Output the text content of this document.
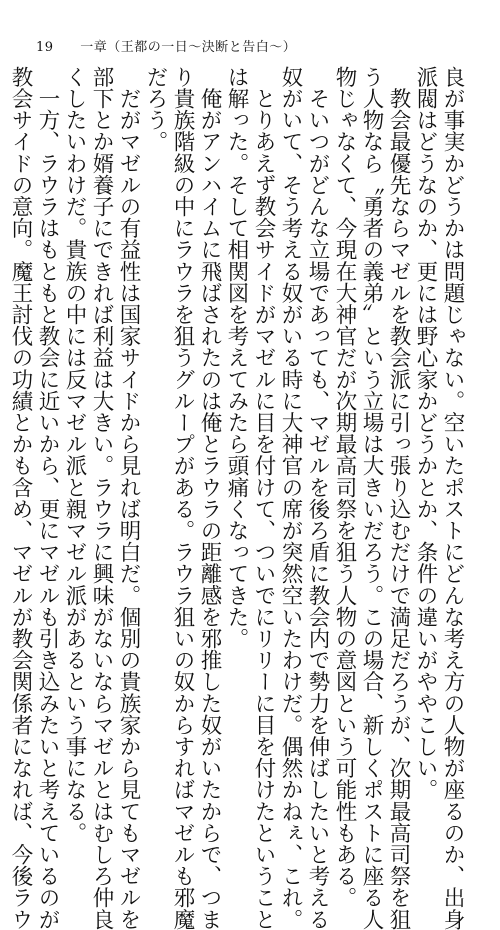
19 一章（王都の一日〜決断と告白〜）
良が事実かどうかは問題じゃない。空いたポストにどんな考え方の人物が座るのか、出身
派閥はどうなのか、更には野心家かどうかとか、条件の違いがややこしい。
　教会最優先ならマゼルを教会派に引っ張り込むだけで満足だろうが、次期最高司祭を狙
う人物なら〝勇者の義弟〟という立場は大きいだろう。この場合、新しくポストに座る人
物じゃなくて、今現在大神官だが次期最高司祭を狙う人物の意図という可能性もある。
　そいつがどんな立場であっても、マゼルを後ろ盾に教会内で勢力を伸ばしたいと考える
奴がいて、そう考える奴がいる時に大神官の席が突然空いたわけだ。偶然かねぇ、これ。
　とりあえず教会サイドがマゼルに目を付けて、ついでにリリーに目を付けたということ
は解った。そして相関図を考えてみたら頭痛くなってきた。
　俺がアンハイムに飛ばされたのは俺とラウラの距離感を邪推した奴がいたからで、つま
り貴族階級の中にラウラを狙うグループがある。ラウラ狙いの奴からすればマゼルも邪魔
だろう。
　だがマゼルの有益性は国家サイドから見れば明白だ。個別の貴族家から見てもマゼルを
部下とか婿養子にできれば利益は大きい。ラウラに興味がないならマゼルとはむしろ仲良
くしたいわけだ。貴族の中には反マゼル派と親マゼル派があるという事になる。
　一方、ラウラはもともと教会に近いから、更にマゼルも引き込みたいと考えているのが
教会サイドの意向。魔王討伐の功績とかも含め、マゼルが教会関係者になれば、今後ラウ
